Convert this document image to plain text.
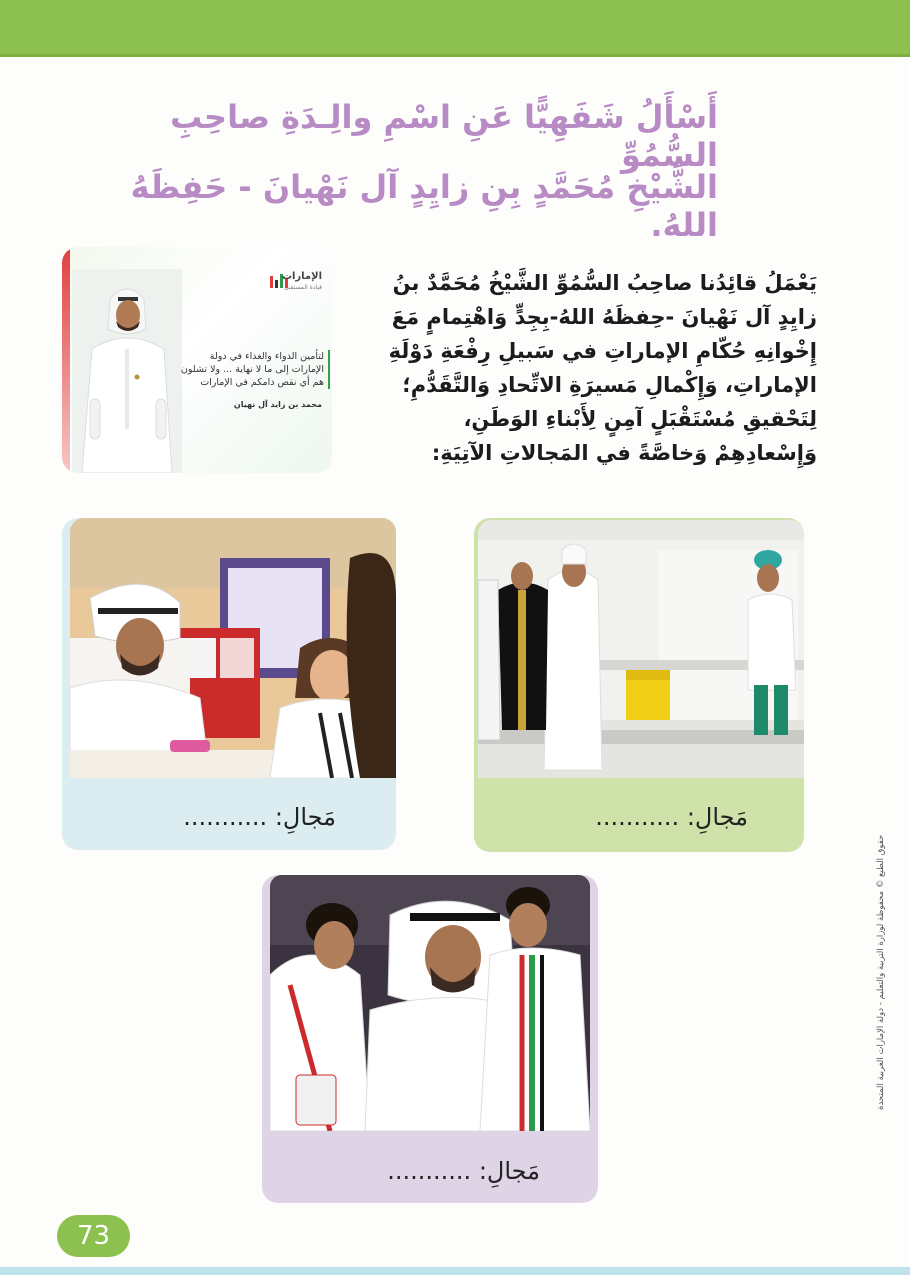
أَسْأَلُ شَفَهِيًّا عَنِ اسْمِ والِـدَةِ صاحِبِ السُّمُوِّ
الشَّيْخِ مُحَمَّدٍ بِنِ زايِدٍ آل نَهْيانَ - حَفِظَهُ اللهُ.
الإمارات
قيادة المستقبل
لتأمين الدواء والغذاء في دولة الإمارات إلى ما لا نهاية ... ولا تشلون هم أي نقص دامكم في الإمارات
محمد بن زايد آل نهيان
يَعْمَلُ قائِدُنا صاحِبُ السُّمُوِّ الشَّيْخُ مُحَمَّدٌ بنُ زايِدٍ آل نَهْيانَ -حِفظَهُ اللهُ-بِجِدٍّ وَاهْتِمامٍ مَعَ إِخْوانِهِ حُكّامِ الإماراتِ في سَبيلِ رِفْعَةِ دَوْلَةِ الإماراتِ، وَإِكْمالِ مَسيرَةِ الاتِّحادِ وَالتَّقَدُّمِ؛ لِتَحْقيقِ مُسْتَقْبَلٍ آمِنٍ لِأَبْناءِ الوَطَنِ، وَإِسْعادِهِمْ وَخاصَّةً في المَجالاتِ الآتِيَةِ:
مَجالِ: ...........	مَجالِ: ...........
مَجالِ: ...........
حقوق الطبع © محفوظة لوزارة التربية والتعليم - دولة الإمارات العربية المتحدة
73
